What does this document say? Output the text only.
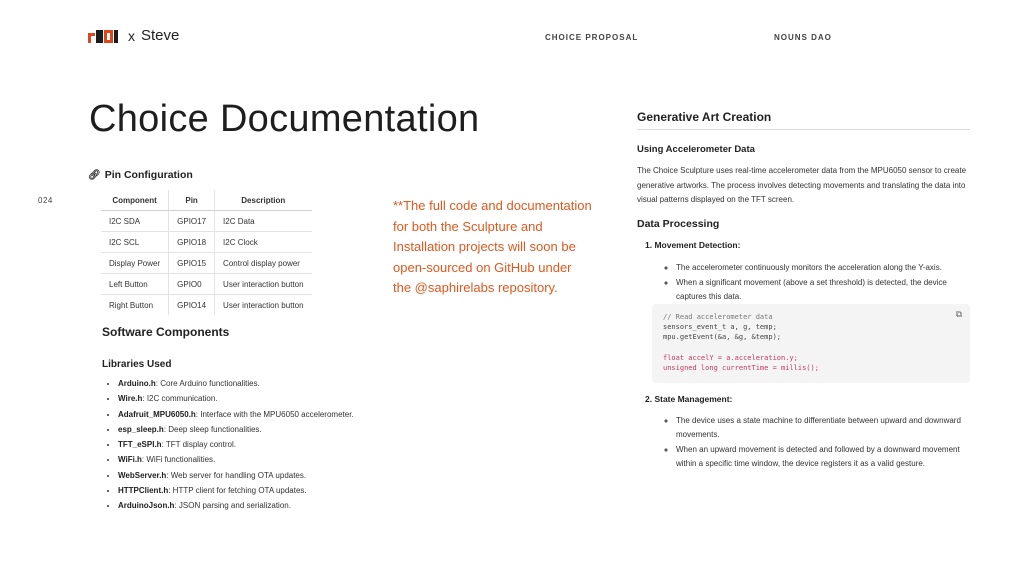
x Steve	CHOICE PROPOSAL	NOUNS DAO
Choice Documentation
🔗︎ Pin Configuration
024	Component	Pin	Description
I2C SDA	GPIO17	I2C Data
I2C SCL	GPIO18	I2C Clock
Display Power	GPIO15	Control display power
Left Button	GPIO0	User interaction button
Right Button	GPIO14	User interaction button
**The full code and documentation for both the Sculpture and Installation projects will soon be open-sourced on GitHub under the @saphirelabs repository.
Software Components
Libraries Used
• Arduino.h: Core Arduino functionalities.
• Wire.h: I2C communication.
• Adafruit_MPU6050.h: Interface with the MPU6050 accelerometer.
• esp_sleep.h: Deep sleep functionalities.
• TFT_eSPI.h: TFT display control.
• WiFi.h: WiFi functionalities.
• WebServer.h: Web server for handling OTA updates.
• HTTPClient.h: HTTP client for fetching OTA updates.
• ArduinoJson.h: JSON parsing and serialization.
Generative Art Creation
Using Accelerometer Data

The Choice Sculpture uses real-time accelerometer data from the MPU6050 sensor to create generative artworks. The process involves detecting movements and translating the data into visual patterns displayed on the TFT screen.

Data Processing
1. Movement Detection:
◦ The accelerometer continuously monitors the acceleration along the Y-axis.
◦ When a significant movement (above a set threshold) is detected, the device captures this data.
⧉
// Read accelerometer data
sensors_event_t a, g, temp;
mpu.getEvent(&a, &g, &temp);
float accelY = a.acceleration.y;
unsigned long currentTime = millis();
2. State Management:
◦ The device uses a state machine to differentiate between upward and downward movements.
◦ When an upward movement is detected and followed by a downward movement within a specific time window, the device registers it as a valid gesture.
